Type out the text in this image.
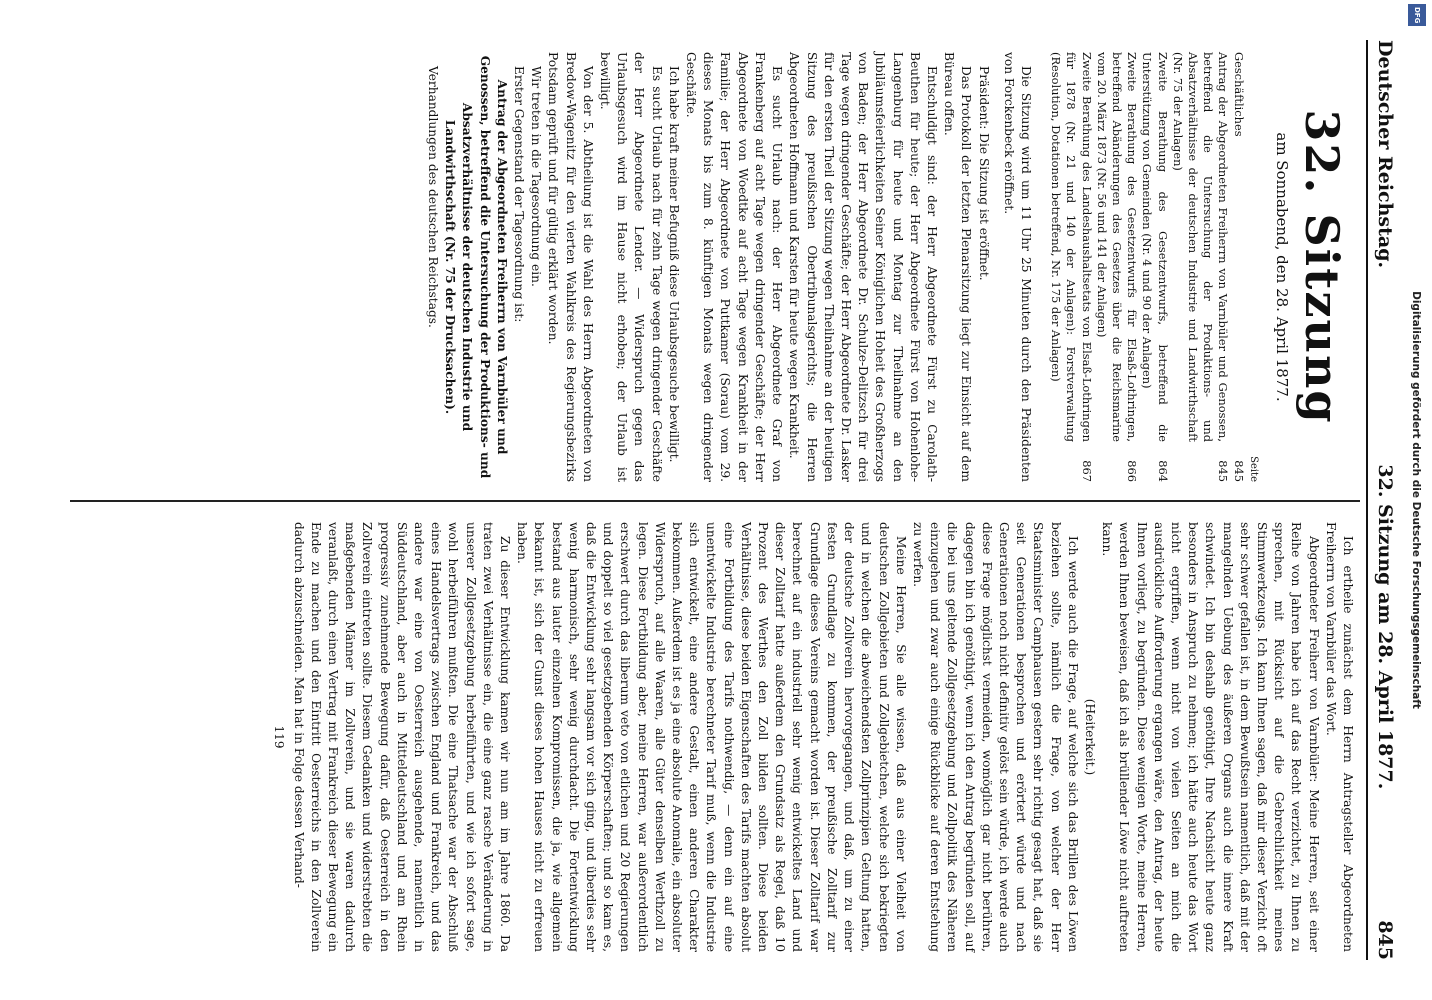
Deutscher Reichstag.
32. Sitzung am 28. April 1877.
845
32. Sitzung
am Sonnabend, den 28. April 1877.
Seite
Geschäftliches
845
Antrag der Abgeordneten Freiherrn von Varnbüler und Genossen, betreffend die Untersuchung der Produktions- und Absatzverhältnisse der deutschen Industrie und Landwirthschaft (Nr. 75 der Anlagen)
845
Zweite Berathung des Gesetzentwurfs, betreffend die Unterstützung von Gemeinden (Nr. 4 und 90 der Anlagen)
864
Zweite Berathung des Gesetzentwurfs für Elsaß-Lothringen, betreffend Abänderungen des Gesetzes über die Reichsmarine vom 20. März 1873 (Nr. 56 und 141 der Anlagen)
866
Zweite Berathung des Landeshaushaltsetats von Elsaß-Lothringen für 1878 (Nr. 21 und 140 der Anlagen): Forstverwaltung (Resolution, Dotationen betreffend, Nr. 175 der Anlagen)
867

Die Sitzung wird um 11 Uhr 25 Minuten durch den Präsidenten von Forckenbeck eröffnet.

Präsident: Die Sitzung ist eröffnet.

Das Protokoll der letzten Plenarsitzung liegt zur Einsicht auf dem Büreau offen.

Entschuldigt sind: der Herr Abgeordnete Fürst zu Carolath-Beuthen für heute; der Herr Abgeordnete Fürst von Hohenlohe-Langenburg für heute und Montag zur Theilnahme an den Jubiläumsfeierlichkeiten Seiner Königlichen Hoheit des Großherzogs von Baden; der Herr Abgeordnete Dr. Schulze-Delitzsch für drei Tage wegen dringender Geschäfte; der Herr Abgeordnete Dr. Lasker für den ersten Theil der Sitzung wegen Theilnahme an der heutigen Sitzung des preußischen Obertribunalsgerichts; die Herren Abgeordneten Hoffmann und Karsten für heute wegen Krankheit.

Es sucht Urlaub nach: der Herr Abgeordnete Graf von Frankenberg auf acht Tage wegen dringender Geschäfte; der Herr Abgeordnete von Woedtke auf acht Tage wegen Krankheit in der Familie; der Herr Abgeordnete von Puttkamer (Sorau) vom 29. dieses Monats bis zum 8. künftigen Monats wegen dringender Geschäfte.

Ich habe kraft meiner Befugniß diese Urlaubsgesuche bewilligt.

Es sucht Urlaub nach für zehn Tage wegen dringender Geschäfte der Herr Abgeordnete Lender. — Widerspruch gegen das Urlaubsgesuch wird im Hause nicht erhoben; der Urlaub ist bewilligt.

Von der 5. Abtheilung ist die Wahl des Herrn Abgeordneten von Bredow-Wagenitz für den vierten Wahlkreis des Regierungsbezirks Potsdam geprüft und für gültig erklärt worden.

Wir treten in die Tagesordnung ein.

Erster Gegenstand der Tagesordnung ist:

Antrag der Abgeordneten Freiherrn von Varnbüler und Genossen, betreffend die Untersuchung der Produktions- und Absatzverhältnisse der deutschen Industrie und Landwirthschaft (Nr. 75 der Drucksachen).

Verhandlungen des deutschen Reichstags.

Ich ertheile zunächst dem Herrn Antragsteller Abgeordneten Freiherrn von Varnbüler das Wort.

Abgeordneter Freiherr von Varnbüler: Meine Herren, seit einer Reihe von Jahren habe ich auf das Recht verzichtet, zu Ihnen zu sprechen, mit Rücksicht auf die Gebrechlichkeit meines Stimmwerkzeugs. Ich kann Ihnen sagen, daß mir dieser Verzicht oft sehr schwer gefallen ist, in dem Bewußtsein namentlich, daß mit der mangelnden Uebung des äußeren Organs auch die innere Kraft schwindet. Ich bin deshalb genöthigt, Ihre Nachsicht heute ganz besonders in Anspruch zu nehmen; ich hätte auch heute das Wort nicht ergriffen, wenn nicht von vielen Seiten an mich die ausdrückliche Aufforderung ergangen wäre, den Antrag, der heute Ihnen vorliegt, zu begründen. Diese wenigen Worte, meine Herren, werden Ihnen beweisen, daß ich als brüllender Löwe nicht auftreten kann.

(Heiterkeit.)

Ich werde auch die Frage, auf welche sich das Brillen des Löwen beziehen sollte, nämlich die Frage, von welcher der Herr Staatsminister Camphausen gestern sehr richtig gesagt hat, daß sie seit Generationen besprochen und erörtert würde und nach Generationen noch nicht definitiv gelöst sein würde, ich werde auch diese Frage möglichst vermeiden, womöglich gar nicht berühren, dagegen bin ich genöthigt, wenn ich den Antrag begründen soll, auf die bei uns geltende Zollgesetzgebung und Zollpolitik des Näheren einzugehen und zwar auch einige Rückblicke auf deren Entstehung zu werfen.

Meine Herren, Sie alle wissen, daß aus einer Vielheit von deutschen Zollgebieten und Zollgebietchen, welche sich bekriegten und in welchen die abweichendsten Zollprinzipien Geltung hatten, der deutsche Zollverein hervorgegangen, und daß, um zu einer festen Grundlage zu kommen, der preußische Zolltarif zur Grundlage dieses Vereins gemacht worden ist. Dieser Zolltarif war berechnet auf ein industriell sehr wenig entwickeltes Land und dieser Zolltarif hatte außerdem den Grundsatz als Regel, daß 10 Prozent des Werthes den Zoll bilden sollten. Diese beiden Verhältnisse, diese beiden Eigenschaften des Tarifs machten absolut eine Fortbildung des Tarifs nothwendig, — denn ein auf eine unentwickelte Industrie berechneter Tarif muß, wenn die Industrie sich entwickelt, eine andere Gestalt, einen anderen Charakter bekommen. Außerdem ist es ja eine absolute Anomalie, ein absoluter Widerspruch, auf alle Waaren, alle Güter denselben Werthzoll zu legen. Diese Fortbildung aber, meine Herren, war außerordentlich erschwert durch das liberum veto von etlichen und 20 Regierungen und doppelt so viel gesetzgebenden Körperschaften; und so kam es, daß die Entwicklung sehr langsam vor sich ging, und überdies sehr wenig harmonisch, sehr wenig durchdacht. Die Fortentwicklung bestand aus lauter einzelnen Kompromissen, die ja, wie allgemein bekannt ist, sich der Gunst dieses hohen Hauses nicht zu erfreuen haben.

Zu dieser Entwicklung kamen wir nun am im Jahre 1860. Da traten zwei Verhältnisse ein, die eine ganz rasche Veränderung in unserer Zollgesetzgebung herbeiführten, und wie ich sofort sage, wohl herbeiführen mußten. Die eine Thatsache war der Abschluß eines Handelsvertrags zwischen England und Frankreich, und das andere war eine von Oesterreich ausgehende, namentlich in Süddeutschland, aber auch in Mitteldeutschland und am Rhein progressiv zunehmende Bewegung dafür, daß Oesterreich in den Zollverein eintreten sollte. Diesem Gedanken und widerstrebten die maßgebenden Männer im Zollverein, und sie waren dadurch veranlaßt, durch einen Vertrag mit Frankreich dieser Bewegung ein Ende zu machen und den Eintritt Oesterreichs in den Zollverein dadurch abzuschneiden. Man hat in Folge dessen Verhand-

119
DFG
Digitalisierung gefördert durch die Deutsche Forschungsgemeinschaft
